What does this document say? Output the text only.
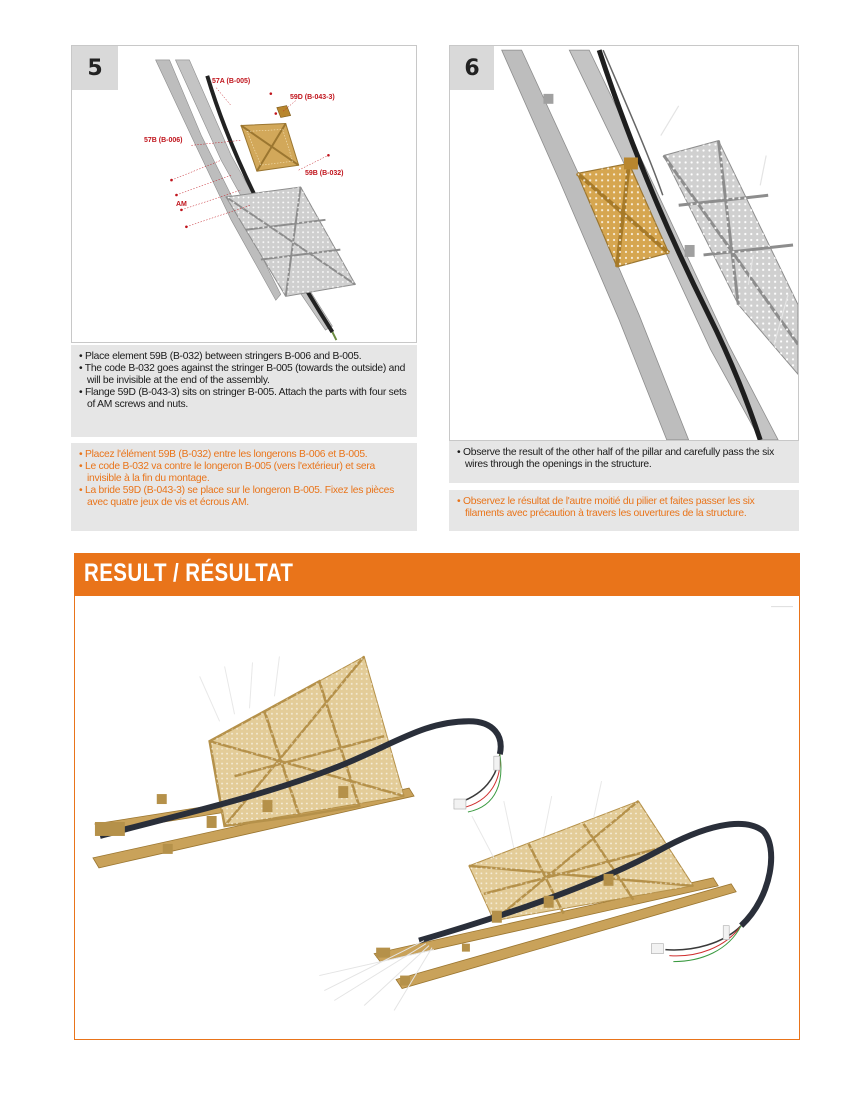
5
57A (B-005)
59D (B-043-3)
57B (B-006)
59B (B-032)
AM
• Place element 59B (B-032) between stringers B-006 and B-005.
• The code B-032 goes against the stringer B-005 (towards the outside) and will be invisible at the end of the assembly.
• Flange 59D (B-043-3) sits on stringer B-005. Attach the parts with four sets of AM screws and nuts.
• Placez l'élément 59B (B-032) entre les longerons B-006 et B-005.
• Le code B-032 va contre le longeron B-005 (vers l'extérieur) et sera invisible à la fin du montage.
• La bride 59D (B-043-3) se place sur le longeron B-005. Fixez les pièces avec quatre jeux de vis et écrous AM.
6
• Observe the result of the other half of the pillar and carefully pass the six wires through the openings in the structure.
• Observez le résultat de l'autre moitié du pilier et faites passer les six filaments avec précaution à travers les ouvertures de la structure.
RESULT / RÉSULTAT
